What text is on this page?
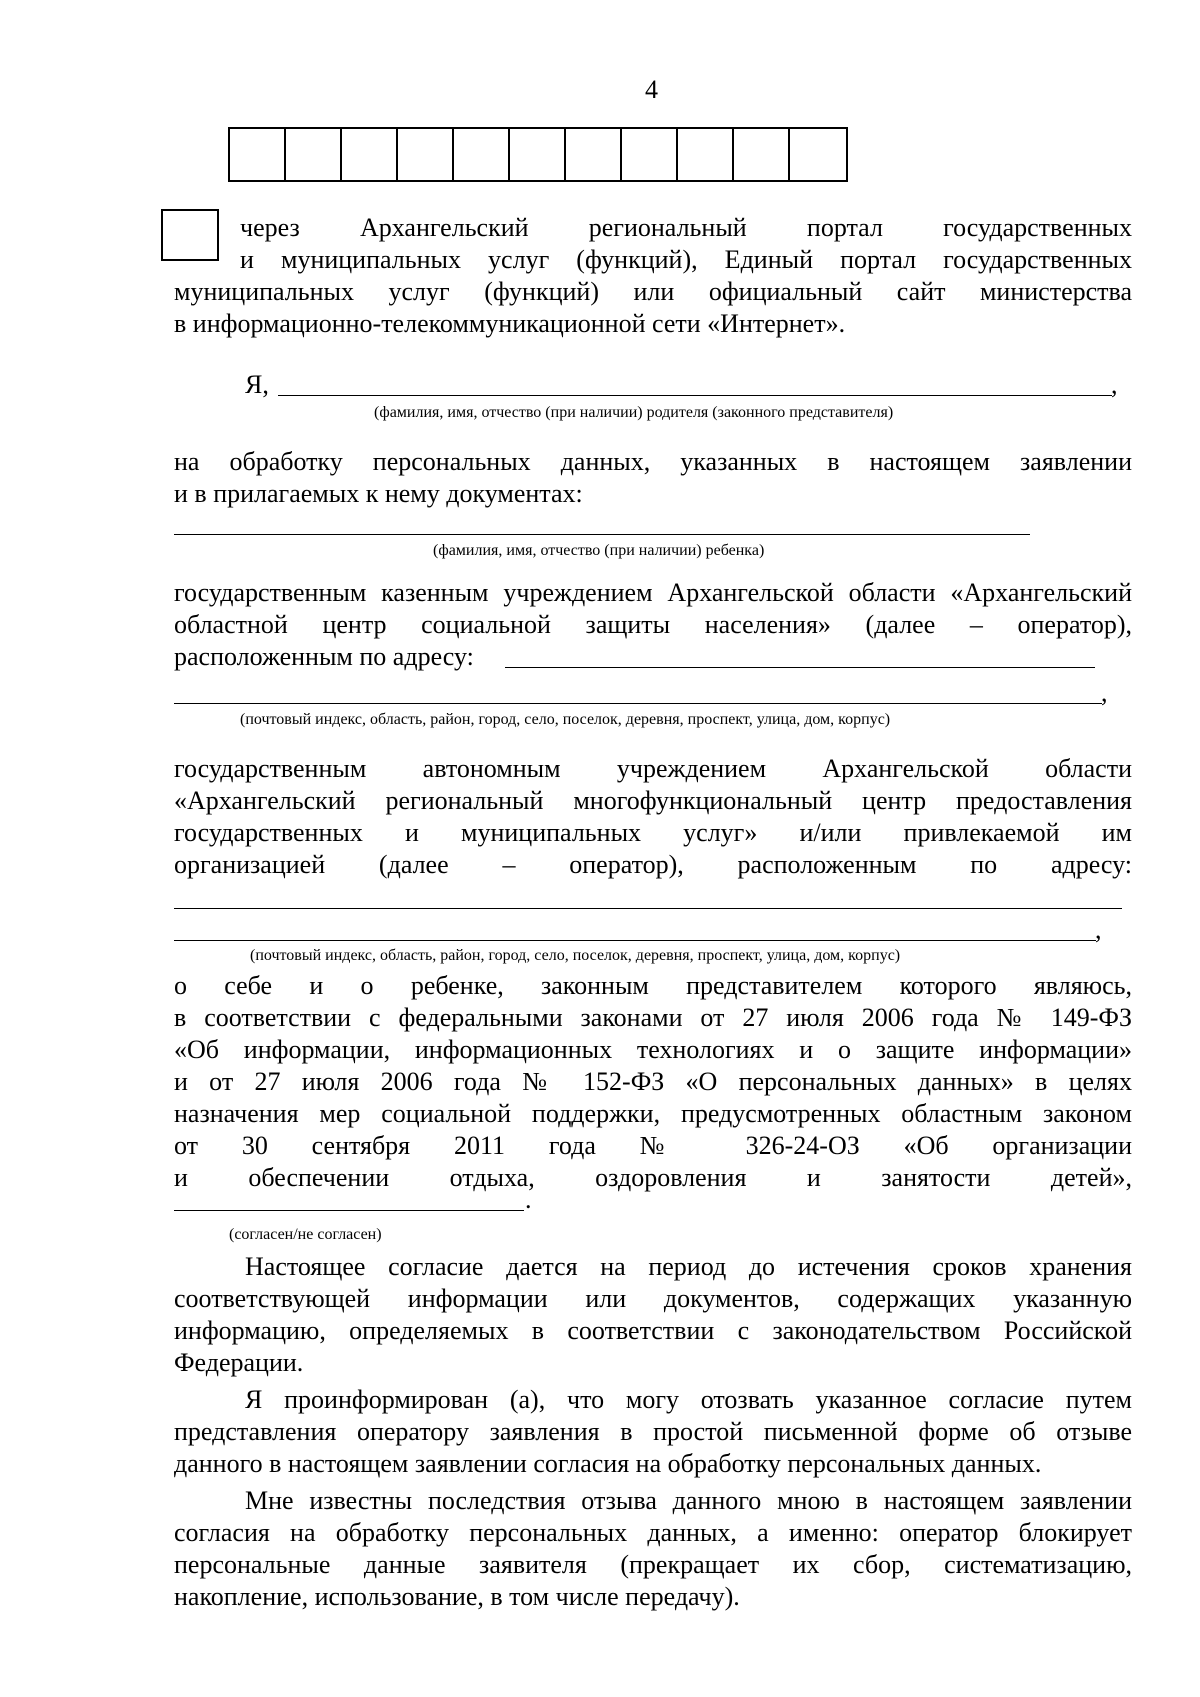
4
через Архангельский региональный портал государственных
и муниципальных услуг (функций), Единый портал государственных
муниципальных услуг (функций) или официальный сайт министерства
в информационно-телекоммуникационной сети «Интернет».
Я,	,
(фамилия, имя, отчество (при наличии) родителя (законного представителя)
на обработку персональных данных, указанных в настоящем заявлении
и в прилагаемых к нему документах:
(фамилия, имя, отчество (при наличии) ребенка)
государственным казенным учреждением Архангельской области «Архангельский
областной центр социальной защиты населения» (далее – оператор),
расположенным по адресу:
,
(почтовый индекс, область, район, город, село, поселок, деревня, проспект, улица, дом, корпус)
государственным автономным учреждением Архангельской области
«Архангельский региональный многофункциональный центр предоставления
государственных и муниципальных услуг» и/или привлекаемой им
организацией (далее – оператор), расположенным по адресу:
,
(почтовый индекс, область, район, город, село, поселок, деревня, проспект, улица, дом, корпус)
о себе и о ребенке, законным представителем которого являюсь,
в соответствии с федеральными законами от 27 июля 2006 года № 149-ФЗ
«Об информации, информационных технологиях и о защите информации»
и от 27 июля 2006 года № 152-ФЗ «О персональных данных» в целях
назначения мер социальной поддержки, предусмотренных областным законом
от 30 сентября 2011 года № 326-24-ОЗ «Об организации
и обеспечении отдыха, оздоровления и занятости детей»,
.
(согласен/не согласен)
Настоящее согласие дается на период до истечения сроков хранения
соответствующей информации или документов, содержащих указанную
информацию, определяемых в соответствии с законодательством Российской
Федерации.
Я проинформирован (а), что могу отозвать указанное согласие путем
представления оператору заявления в простой письменной форме об отзыве
данного в настоящем заявлении согласия на обработку персональных данных.
Мне известны последствия отзыва данного мною в настоящем заявлении
согласия на обработку персональных данных, а именно: оператор блокирует
персональные данные заявителя (прекращает их сбор, систематизацию,
накопление, использование, в том числе передачу).
